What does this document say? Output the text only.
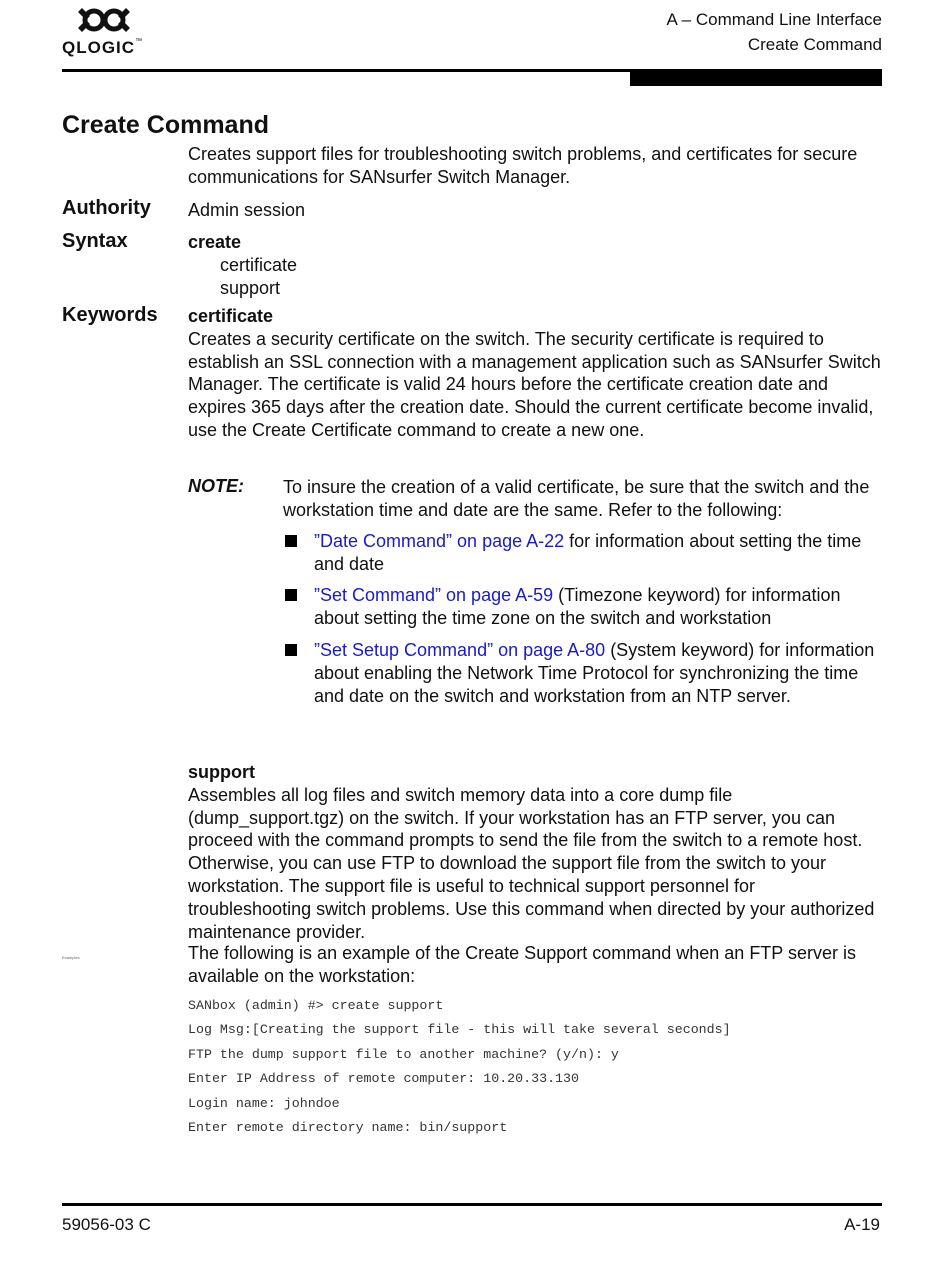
QLOGIC™
A – Command Line Interface
Create Command
Create Command
Creates support files for troubleshooting switch problems, and certificates for secure communications for SANsurfer Switch Manager.
Authority Admin session
Syntax	create
certificate
support
Keywords certificate
Creates a security certificate on the switch. The security certificate is required to establish an SSL connection with a management application such as SANsurfer Switch Manager. The certificate is valid 24 hours before the certificate creation date and expires 365 days after the creation date. Should the current certificate become invalid, use the Create Certificate command to create a new one.
NOTE: To insure the creation of a valid certificate, be sure that the switch and the workstation time and date are the same. Refer to the following:
”Date Command” on page A-22 for information about setting the time and date
”Set Command” on page A-59 (Timezone keyword) for information about setting the time zone on the switch and workstation
”Set Setup Command” on page A-80 (System keyword) for information about enabling the Network Time Protocol for synchronizing the time and date on the switch and workstation from an NTP server.
support
Assembles all log files and switch memory data into a core dump file (dump_support.tgz) on the switch. If your workstation has an FTP server, you can proceed with the command prompts to send the file from the switch to a remote host. Otherwise, you can use FTP to download the support file from the switch to your workstation. The support file is useful to technical support personnel for troubleshooting switch problems. Use this command when directed by your authorized maintenance provider.
Examples	The following is an example of the Create Support command when an FTP server is available on the workstation:
SANbox (admin) #> create support
Log Msg:[Creating the support file - this will take several seconds]
FTP the dump support file to another machine? (y/n): y
Enter IP Address of remote computer: 10.20.33.130
Login name: johndoe
Enter remote directory name: bin/support
59056-03 C	A-19
